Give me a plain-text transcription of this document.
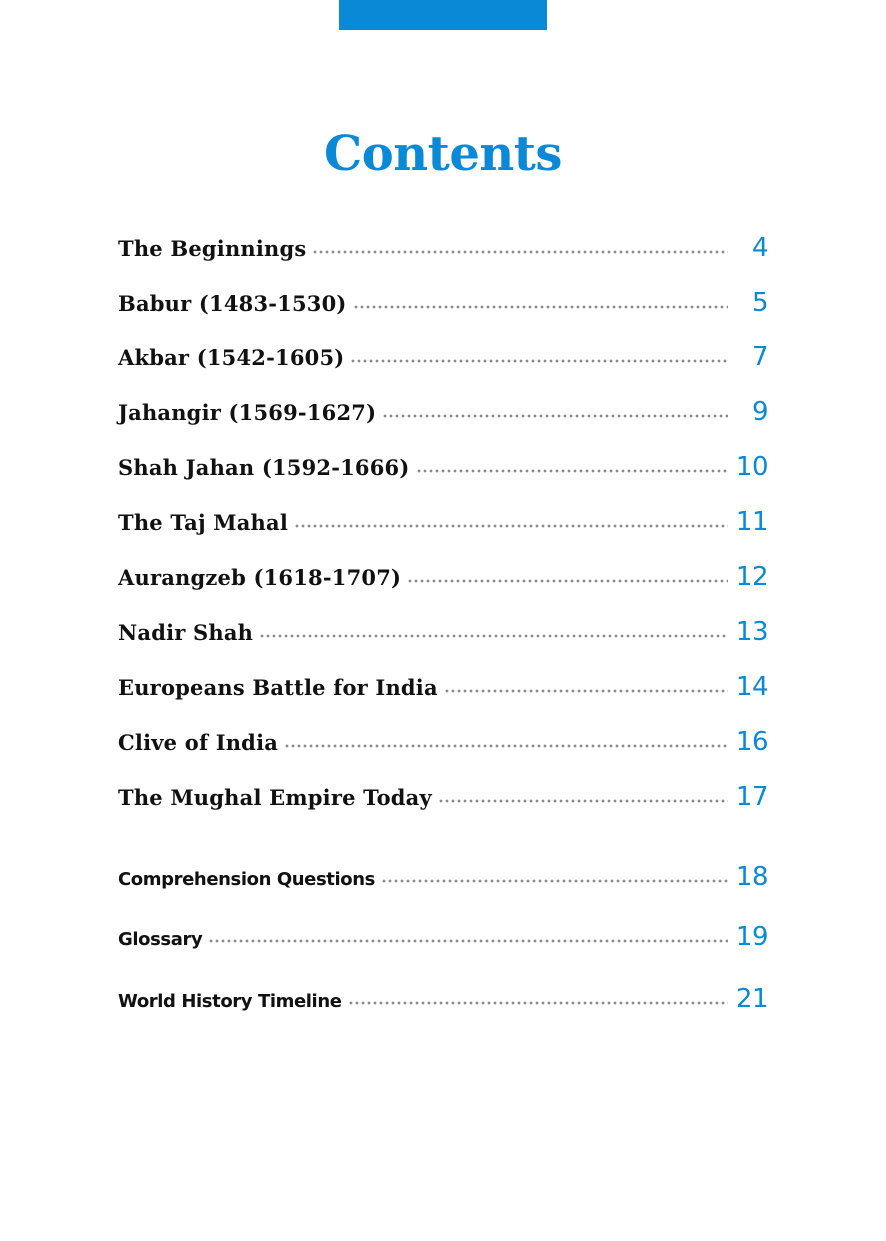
Contents
The Beginnings	4
Babur (1483-1530)	5
Akbar (1542-1605)	7
Jahangir (1569-1627)	9
Shah Jahan (1592-1666)	10
The Taj Mahal	11
Aurangzeb (1618-1707)	12
Nadir Shah	13
Europeans Battle for India	14
Clive of India	16
The Mughal Empire Today	17
Comprehension Questions	18
Glossary	19
World History Timeline	21
